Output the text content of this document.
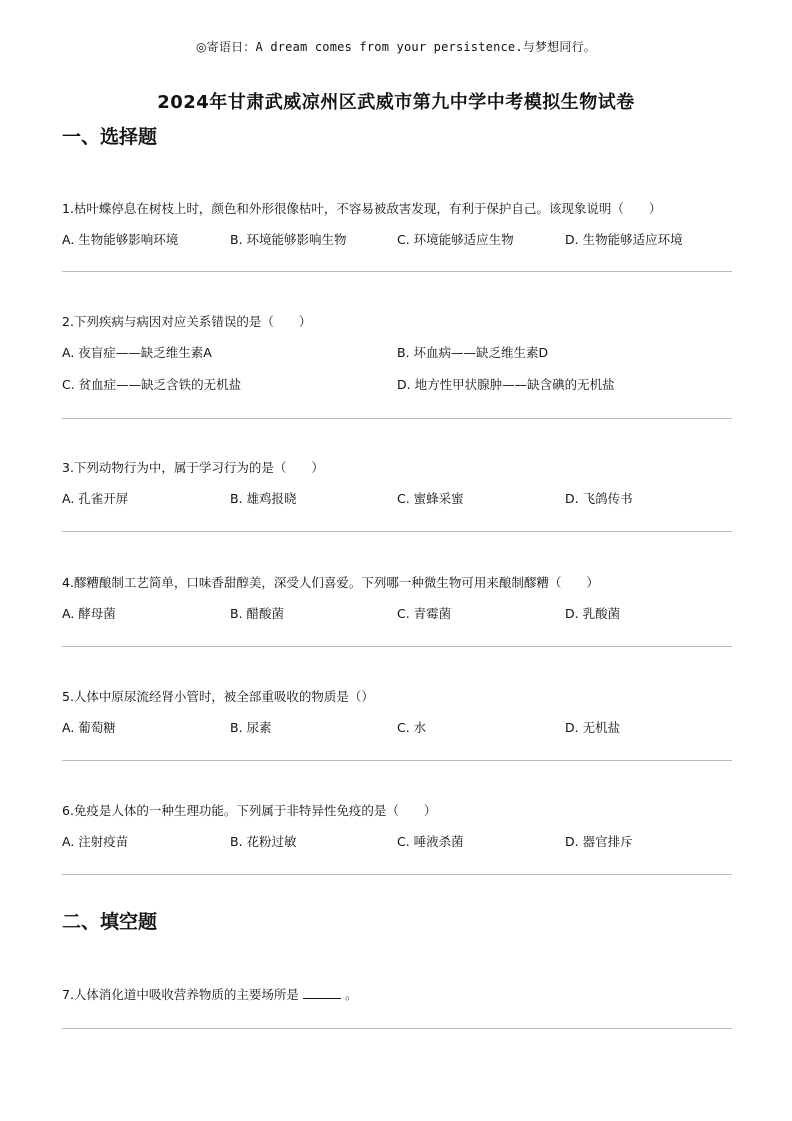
◎寄语日：A dream comes from your persistence.与梦想同行。
2024年甘肃武威凉州区武威市第九中学中考模拟生物试卷
一、选择题
1.枯叶蝶停息在树枝上时，颜色和外形很像枯叶，不容易被敌害发现，有利于保护自己。该现象说明（　　）
A. 生物能够影响环境	B. 环境能够影响生物	C. 环境能够适应生物	D. 生物能够适应环境
2.下列疾病与病因对应关系错误的是（　　）
A. 夜盲症——缺乏维生素A	B. 坏血病——缺乏维生素D
C. 贫血症——缺乏含铁的无机盐	D. 地方性甲状腺肿——缺含碘的无机盐
3.下列动物行为中，属于学习行为的是（　　）
A. 孔雀开屏	B. 雄鸡报晓	C. 蜜蜂采蜜	D. 飞鸽传书
4.醪糟酿制工艺简单，口味香甜醇美，深受人们喜爱。下列哪一种微生物可用来酿制醪糟（　　）
A. 酵母菌	B. 醋酸菌	C. 青霉菌	D. 乳酸菌
5.人体中原尿流经肾小管时，被全部重吸收的物质是（）
A. 葡萄糖	B. 尿素	C. 水	D. 无机盐
6.免疫是人体的一种生理功能。下列属于非特异性免疫的是（　　）
A. 注射疫苗	B. 花粉过敏	C. 唾液杀菌	D. 器官排斥
二、填空题
7.人体消化道中吸收营养物质的主要场所是	。
